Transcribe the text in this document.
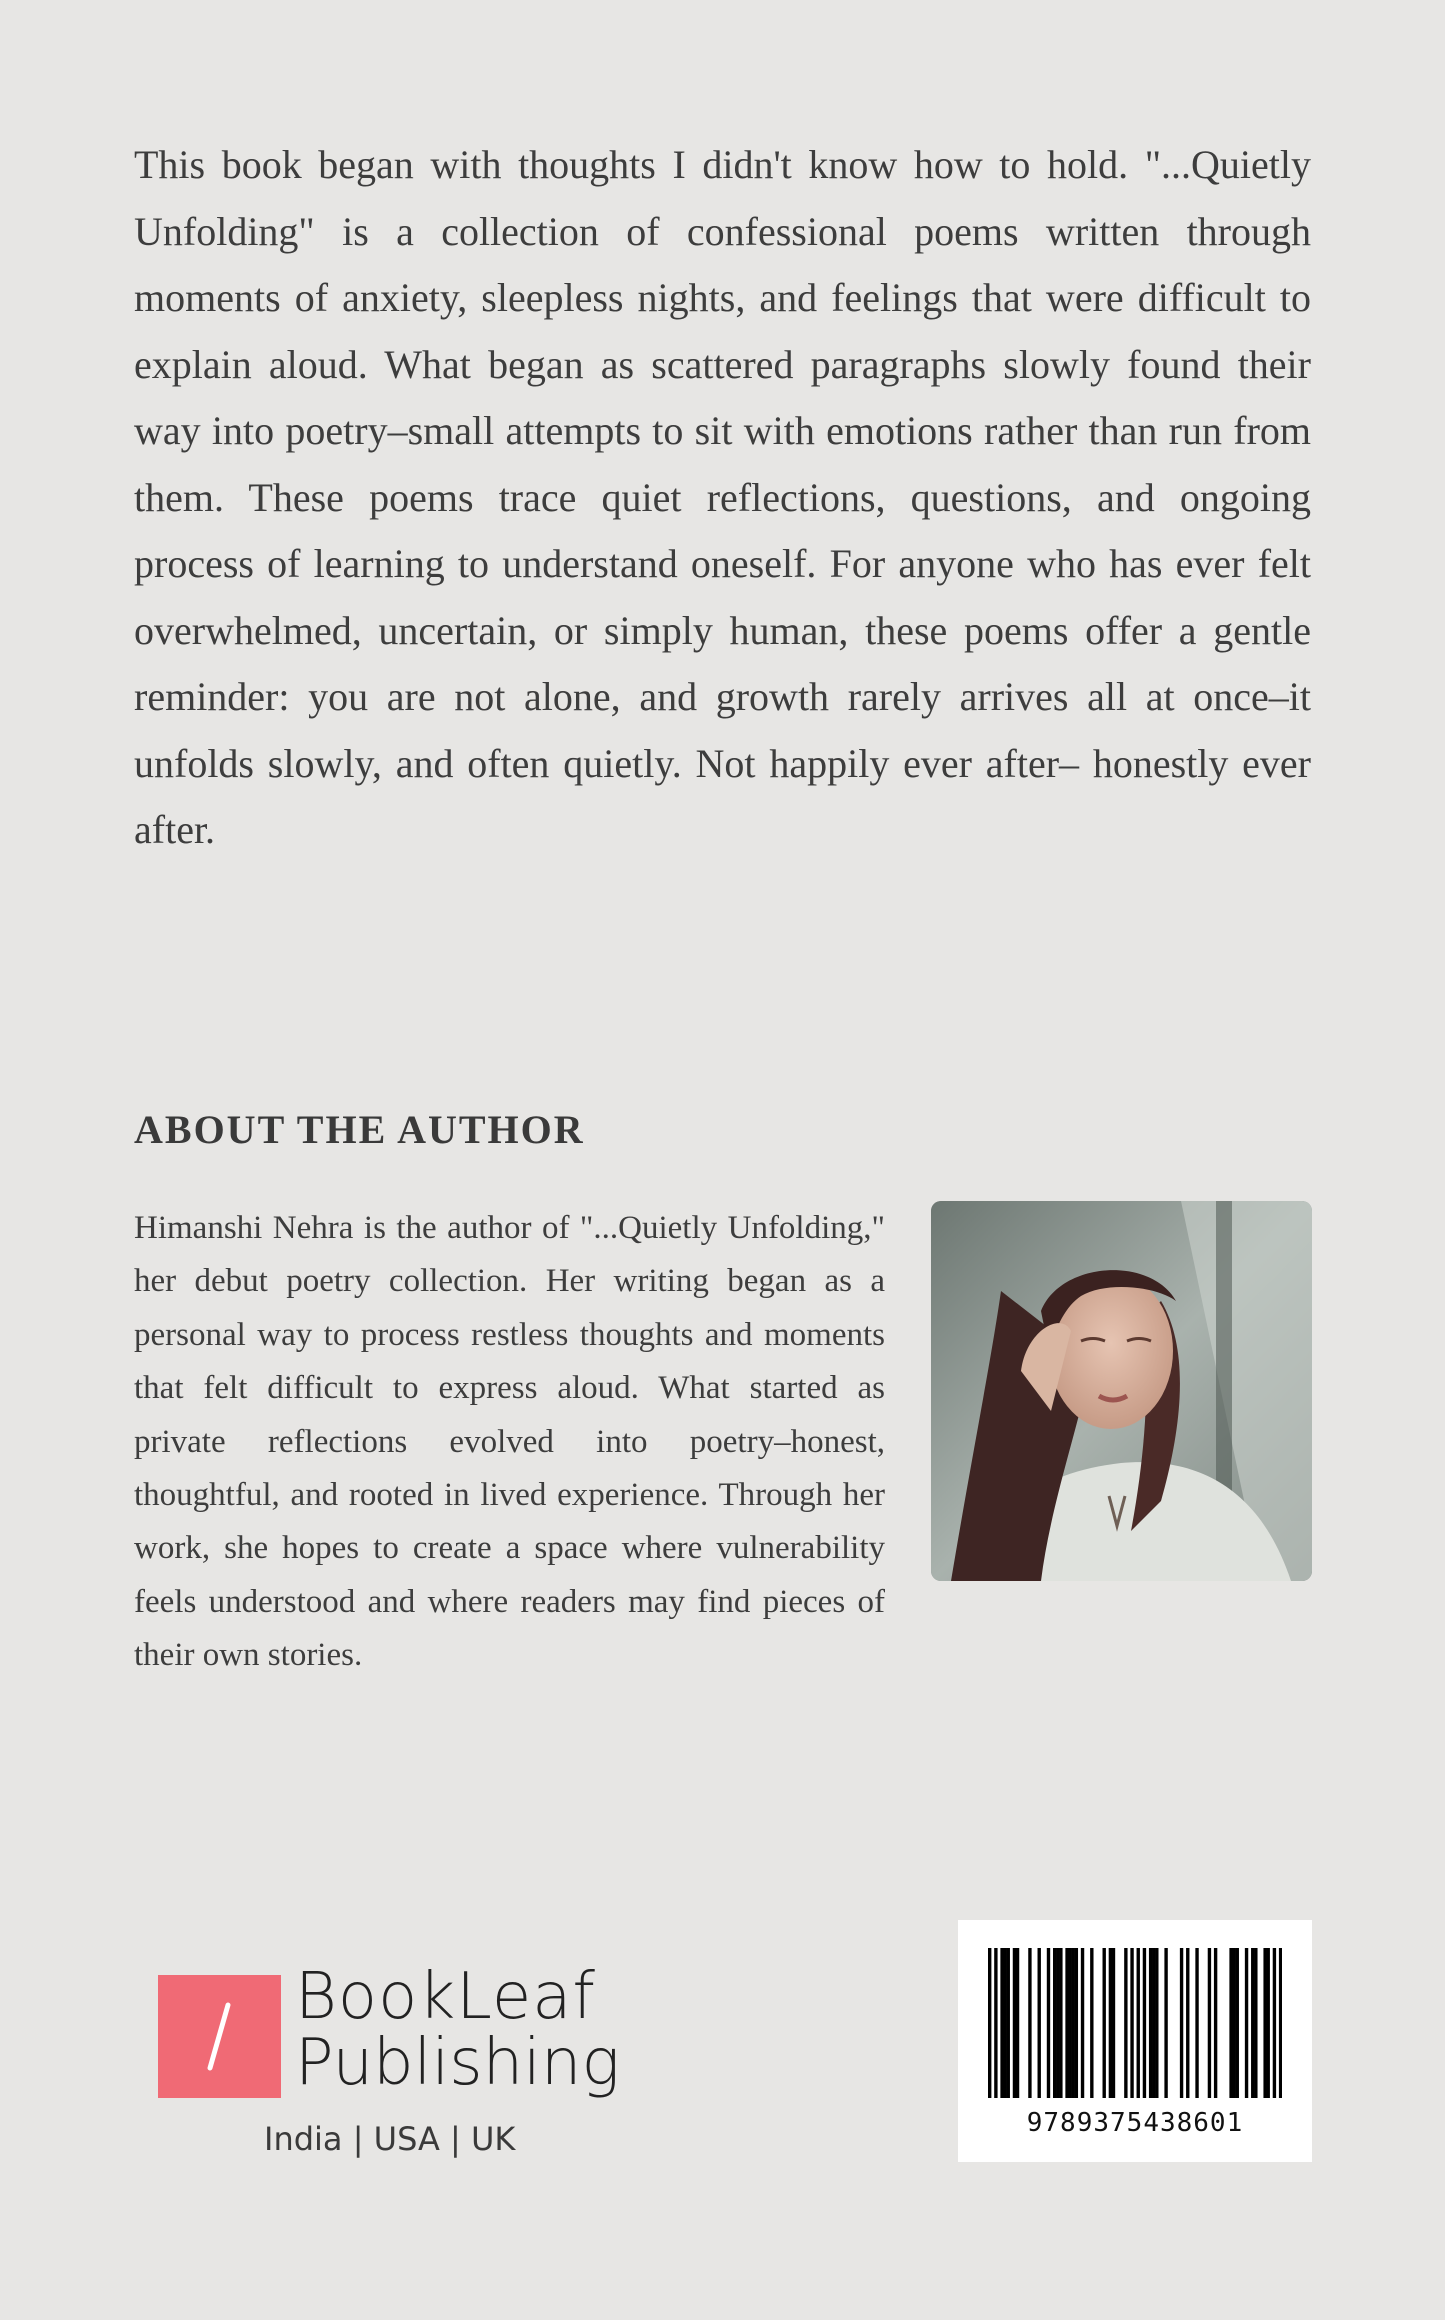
This book began with thoughts I didn't know how to hold. "...Quietly Unfolding" is a collection of confessional poems written through moments of anxiety, sleepless nights, and feelings that were difficult to explain aloud. What began as scattered paragraphs slowly found their way into poetry–small attempts to sit with emotions rather than run from them. These poems trace quiet reflections, questions, and ongoing process of learning to understand oneself. For anyone who has ever felt overwhelmed, uncertain, or simply human, these poems offer a gentle reminder: you are not alone, and growth rarely arrives all at once–it unfolds slowly, and often quietly. Not happily ever after– honestly ever after.

ABOUT THE AUTHOR

Himanshi Nehra is the author of "...Quietly Unfolding," her debut poetry collection. Her writing began as a personal way to process restless thoughts and moments that felt difficult to express aloud. What started as private reflections evolved into poetry–honest, thoughtful, and rooted in lived experience. Through her work, she hopes to create a space where vulnerability feels understood and where readers may find pieces of their own stories.

BookLeaf
Publishing
India | USA | UK	9789375438601
